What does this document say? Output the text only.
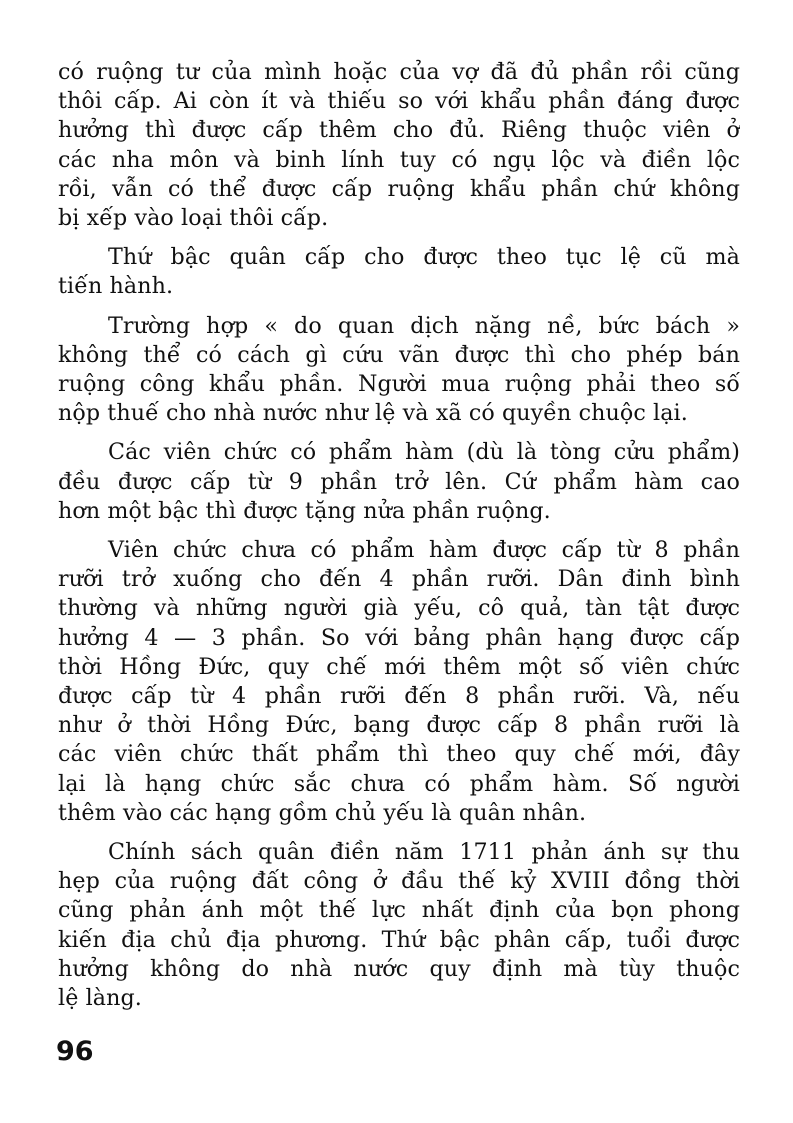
có ruộng tư của mình hoặc của vợ đã đủ phần rồi cũng
thôi cấp. Ai còn ít và thiếu so với khẩu phần đáng được
hưởng thì được cấp thêm cho đủ. Riêng thuộc viên ở
các nha môn và binh lính tuy có ngụ lộc và điền lộc
rồi, vẫn có thể được cấp ruộng khẩu phần chứ không
bị xếp vào loại thôi cấp.
Thứ bậc quân cấp cho được theo tục lệ cũ mà
tiến hành.
Trường hợp « do quan dịch nặng nề, bức bách »
không thể có cách gì cứu vãn được thì cho phép bán
ruộng công khẩu phần. Người mua ruộng phải theo số
nộp thuế cho nhà nước như lệ và xã có quyền chuộc lại.
Các viên chức có phẩm hàm (dù là tòng cửu phẩm)
đều được cấp từ 9 phần trở lên. Cứ phẩm hàm cao
hơn một bậc thì được tặng nửa phần ruộng.
Viên chức chưa có phẩm hàm được cấp từ 8 phần
rưỡi trở xuống cho đến 4 phần rưỡi. Dân đinh bình
thường và những người già yếu, cô quả, tàn tật được
hưởng 4 — 3 phần. So với bảng phân hạng được cấp
thời Hồng Đức, quy chế mới thêm một số viên chức
được cấp từ 4 phần rưỡi đến 8 phần rưỡi. Và, nếu
như ở thời Hồng Đức, bạng được cấp 8 phần rưỡi là
các viên chức thất phẩm thì theo quy chế mới, đây
lại là hạng chức sắc chưa có phẩm hàm. Số người
thêm vào các hạng gồm chủ yếu là quân nhân.
Chính sách quân điền năm 1711 phản ánh sự thu
hẹp của ruộng đất công ở đầu thế kỷ XVIII đồng thời
cũng phản ánh một thế lực nhất định của bọn phong
kiến địa chủ địa phương. Thứ bậc phân cấp, tuổi được
hưởng không do nhà nước quy định mà tùy thuộc
lệ làng.
96
